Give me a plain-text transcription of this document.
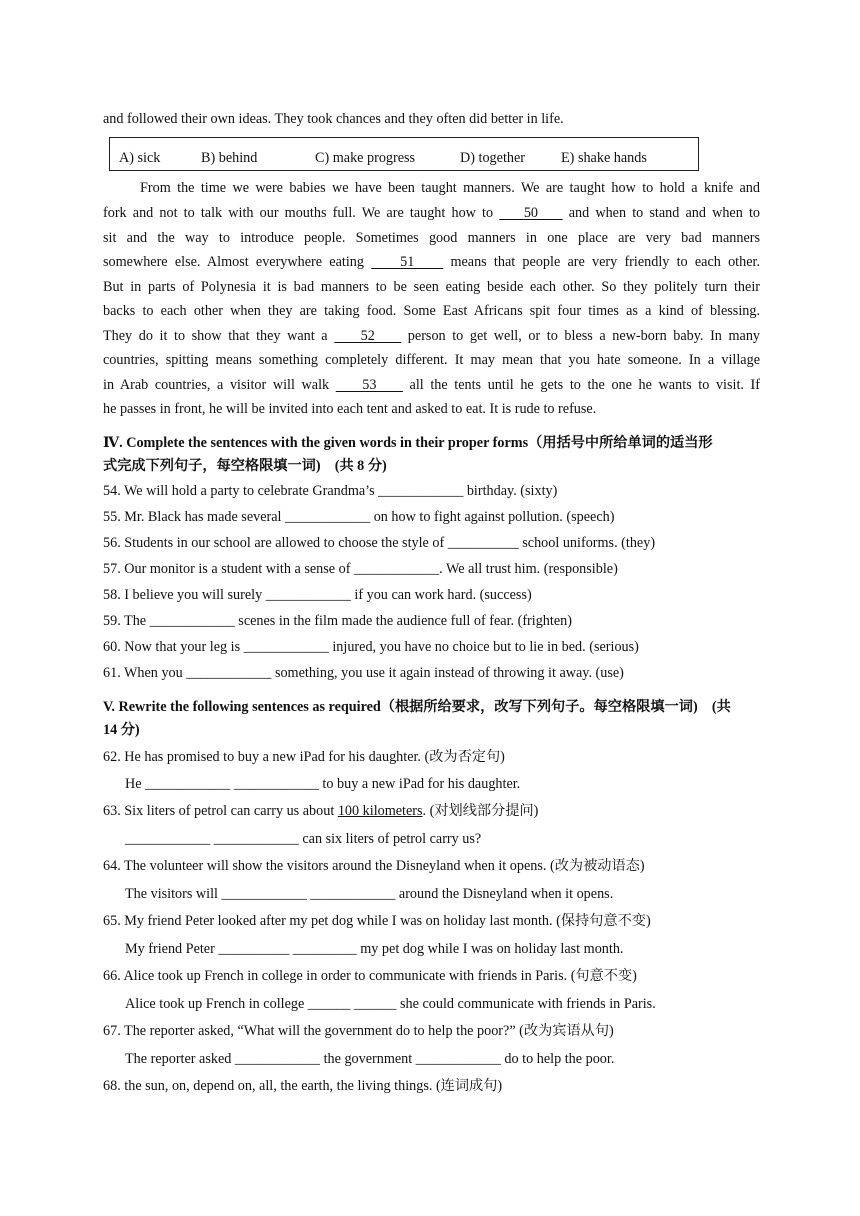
and followed their own ideas. They took chances and they often did better in life.
A) sick	B) behind	C) make progress	D) together	E) shake hands
From the time we were babies we have been taught manners. We are taught how to hold a knife and
fork and not to talk with our mouths full. We are taught how to     50     and when to stand and when to
sit and the way to introduce people. Sometimes good manners in one place are very bad manners
somewhere else. Almost everywhere eating     51     means that people are very friendly to each other.
But in parts of Polynesia it is bad manners to be seen eating beside each other. So they politely turn their
backs to each other when they are taking food. Some East Africans spit four times as a kind of blessing.
They do it to show that they want a     52     person to get well, or to bless a new-born baby. In many
countries, spitting means something completely different. It may mean that you hate someone. In a village
in Arab countries, a visitor will walk     53     all the tents until he gets to the one he wants to visit. If
he passes in front, he will be invited into each tent and asked to eat. It is rude to refuse.
Ⅳ. Complete the sentences with the given words in their proper forms（用括号中所给单词的适当形
式完成下列句子，每空格限填一词)　(共 8 分)
54. We will hold a party to celebrate Grandma’s ____________ birthday. (sixty)
55. Mr. Black has made several ____________ on how to fight against pollution. (speech)
56. Students in our school are allowed to choose the style of __________ school uniforms. (they)
57. Our monitor is a student with a sense of ____________. We all trust him. (responsible)
58. I believe you will surely ____________ if you can work hard. (success)
59. The ____________ scenes in the film made the audience full of fear. (frighten)
60. Now that your leg is ____________ injured, you have no choice but to lie in bed. (serious)
61. When you ____________ something, you use it again instead of throwing it away. (use)
V. Rewrite the following sentences as required（根据所给要求，改写下列句子。每空格限填一词)　(共
14 分)
62. He has promised to buy a new iPad for his daughter. (改为否定句)
He ____________ ____________ to buy a new iPad for his daughter.
63. Six liters of petrol can carry us about 100 kilometers. (对划线部分提问)
____________ ____________ can six liters of petrol carry us?
64. The volunteer will show the visitors around the Disneyland when it opens. (改为被动语态)
The visitors will ____________ ____________ around the Disneyland when it opens.
65. My friend Peter looked after my pet dog while I was on holiday last month. (保持句意不变)
My friend Peter __________ _________ my pet dog while I was on holiday last month.
66. Alice took up French in college in order to communicate with friends in Paris. (句意不变)
Alice took up French in college ______ ______ she could communicate with friends in Paris.
67. The reporter asked, “What will the government do to help the poor?” (改为宾语从句)
The reporter asked ____________ the government ____________ do to help the poor.
68. the sun, on, depend on, all, the earth, the living things. (连词成句)
